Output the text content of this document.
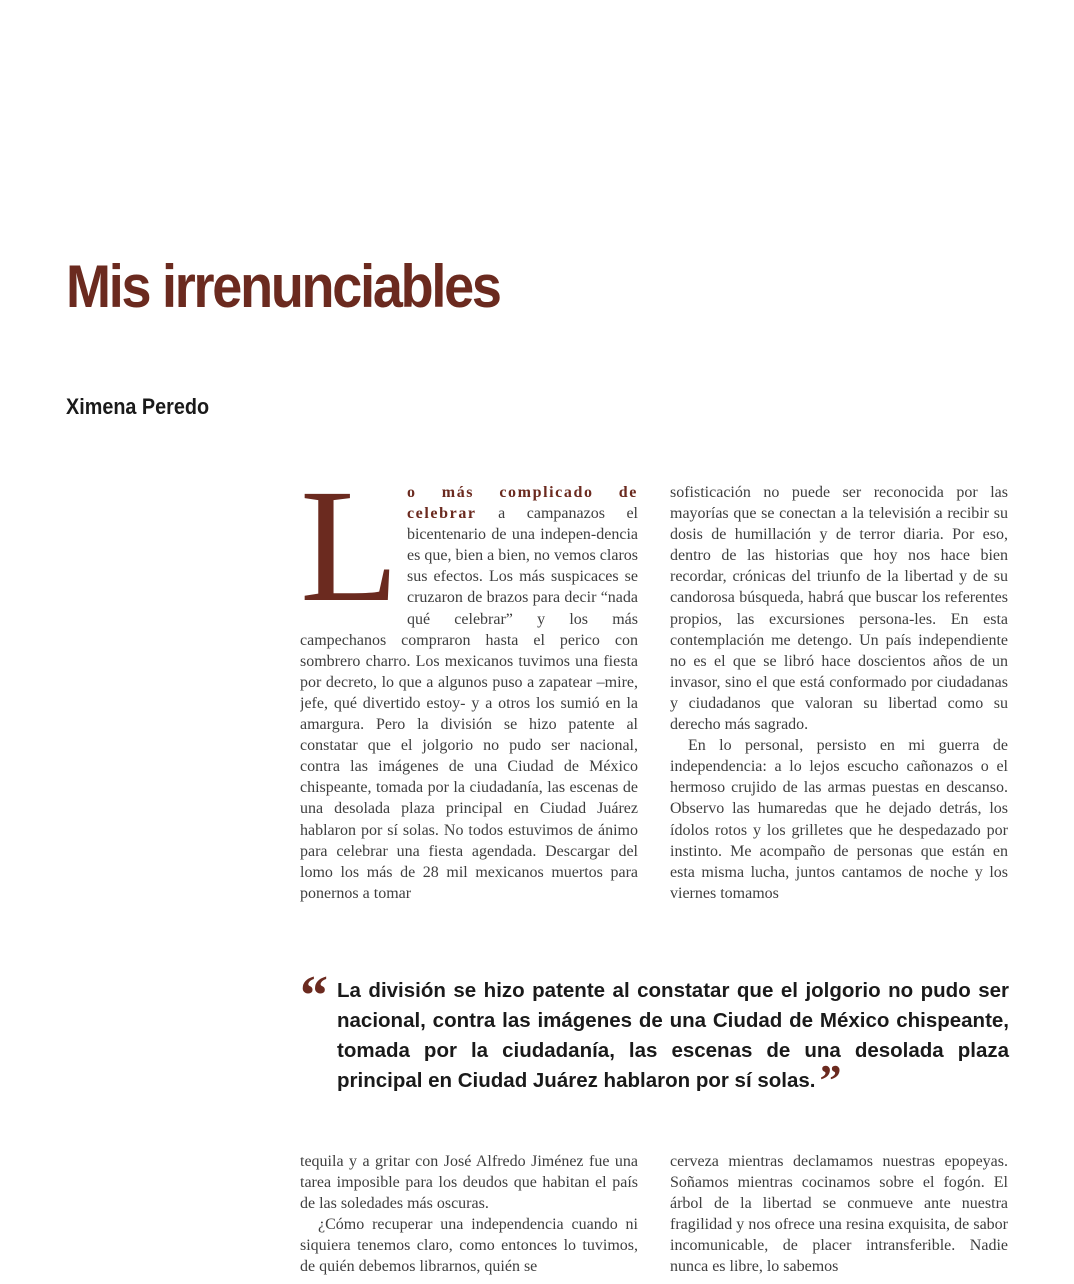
Mis irrenunciables
Ximena Peredo

Lo más complicado de celebrar a campanazos el bicentenario de una indepen-dencia es que, bien a bien, no vemos claros sus efectos. Los más suspicaces se cruzaron de brazos para decir “nada qué celebrar” y los más campechanos compraron hasta el perico con sombrero charro. Los mexicanos tuvimos una fiesta por decreto, lo que a algunos puso a zapatear –mire, jefe, qué divertido estoy- y a otros los sumió en la amargura. Pero la división se hizo patente al constatar que el jolgorio no pudo ser nacional, contra las imágenes de una Ciudad de México chispeante, tomada por la ciudadanía, las escenas de una desolada plaza principal en Ciudad Juárez hablaron por sí solas. No todos estuvimos de ánimo para celebrar una fiesta agendada. Descargar del lomo los más de 28 mil mexicanos muertos para ponernos a tomar

sofisticación no puede ser reconocida por las mayorías que se conectan a la televisión a recibir su dosis de humillación y de terror diaria. Por eso, dentro de las historias que hoy nos hace bien recordar, crónicas del triunfo de la libertad y de su candorosa búsqueda, habrá que buscar los referentes propios, las excursiones persona-les. En esta contemplación me detengo. Un país independiente no es el que se libró hace doscientos años de un invasor, sino el que está conformado por ciudadanas y ciudadanos que valoran su libertad como su derecho más sagrado.

En lo personal, persisto en mi guerra de independencia: a lo lejos escucho cañonazos o el hermoso crujido de las armas puestas en descanso. Observo las humaredas que he dejado detrás, los ídolos rotos y los grilletes que he despedazado por instinto. Me acompaño de personas que están en esta misma lucha, juntos cantamos de noche y los viernes tomamos

“ La división se hizo patente al constatar que el jolgorio no pudo ser nacional, contra las imágenes de una Ciudad de México chispeante, tomada por la ciudadanía, las escenas de una desolada plaza principal en Ciudad Juárez hablaron por sí solas.”

tequila y a gritar con José Alfredo Jiménez fue una tarea imposible para los deudos que habitan el país de las soledades más oscuras.

¿Cómo recuperar una independencia cuando ni siquiera tenemos claro, como entonces lo tuvimos, de quién debemos librarnos, quién se

cerveza mientras declamamos nuestras epopeyas. Soñamos mientras cocinamos sobre el fogón. El árbol de la libertad se conmueve ante nuestra fragilidad y nos ofrece una resina exquisita, de sabor incomunicable, de placer intransferible. Nadie nunca es libre, lo sabemos
